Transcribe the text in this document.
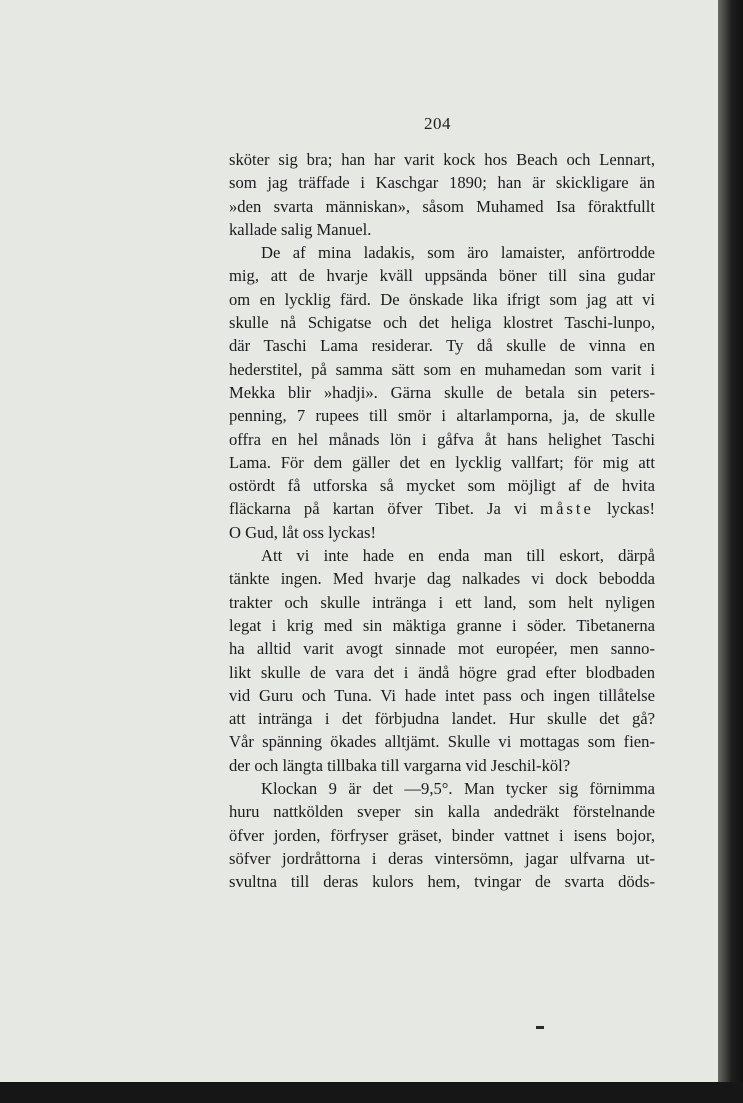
204
sköter sig bra; han har varit kock hos Beach och Lennart,
som jag träffade i Kaschgar 1890; han är skickligare än
»den svarta människan», såsom Muhamed Isa föraktfullt
kallade salig Manuel.
De af mina ladakis, som äro lamaister, anförtrodde
mig, att de hvarje kväll uppsända böner till sina gudar
om en lycklig färd. De önskade lika ifrigt som jag att vi
skulle nå Schigatse och det heliga klostret Taschi-lunpo,
där Taschi Lama residerar. Ty då skulle de vinna en
hederstitel, på samma sätt som en muhamedan som varit i
Mekka blir »hadji». Gärna skulle de betala sin peters-
penning, 7 rupees till smör i altarlamporna, ja, de skulle
offra en hel månads lön i gåfva åt hans helighet Taschi
Lama. För dem gäller det en lycklig vallfart; för mig att
ostördt få utforska så mycket som möjligt af de hvita
fläckarna på kartan öfver Tibet. Ja vi måste lyckas!
O Gud, låt oss lyckas!
Att vi inte hade en enda man till eskort, därpå
tänkte ingen. Med hvarje dag nalkades vi dock bebodda
trakter och skulle intränga i ett land, som helt nyligen
legat i krig med sin mäktiga granne i söder. Tibetanerna
ha alltid varit avogt sinnade mot européer, men sanno-
likt skulle de vara det i ändå högre grad efter blodbaden
vid Guru och Tuna. Vi hade intet pass och ingen tillåtelse
att intränga i det förbjudna landet. Hur skulle det gå?
Vår spänning ökades alltjämt. Skulle vi mottagas som fien-
der och längta tillbaka till vargarna vid Jeschil-köl?
Klockan 9 är det —9,5°. Man tycker sig förnimma
huru nattkölden sveper sin kalla andedräkt förstelnande
öfver jorden, förfryser gräset, binder vattnet i isens bojor,
söfver jordråttorna i deras vintersömn, jagar ulfvarna ut-
svultna till deras kulors hem, tvingar de svarta döds-
